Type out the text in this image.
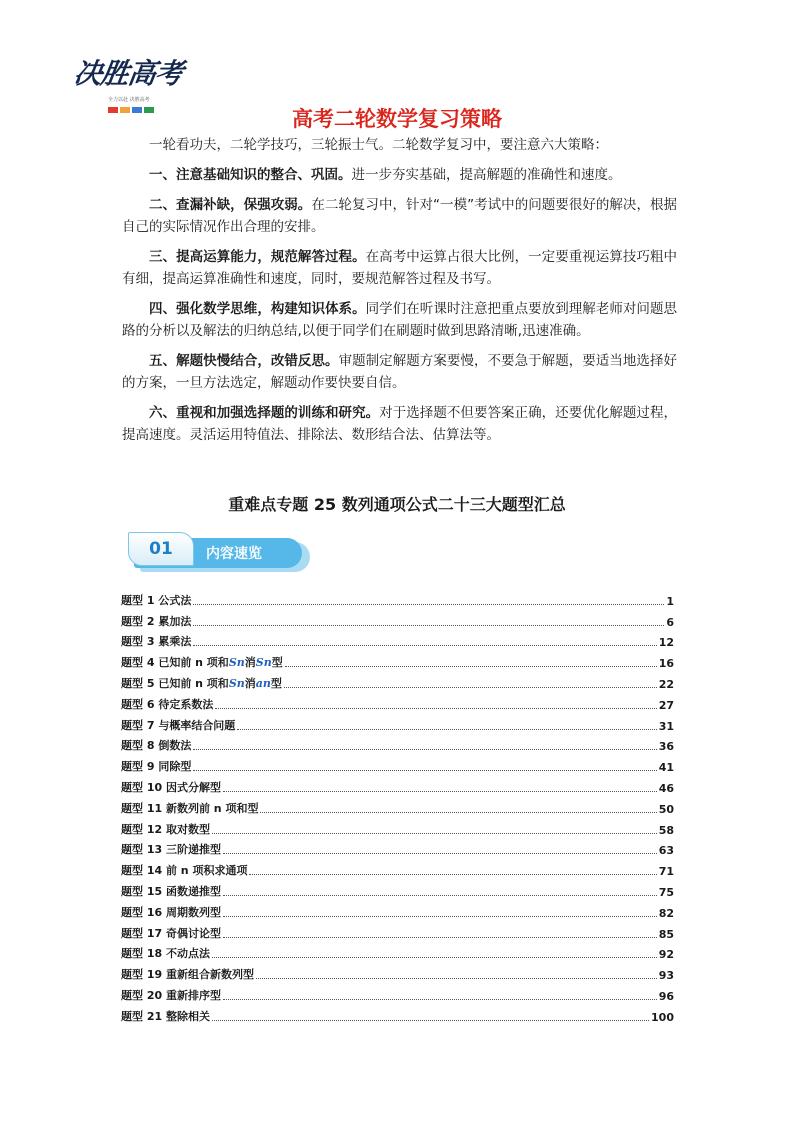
决胜高考
全力以赴 决胜高考
高考二轮数学复习策略

一轮看功夫，二轮学技巧，三轮振士气。二轮数学复习中，要注意六大策略：

一、注意基础知识的整合、巩固。进一步夯实基础，提高解题的准确性和速度。

二、查漏补缺，保强攻弱。在二轮复习中，针对“一模”考试中的问题要很好的解决，根据自己的实际情况作出合理的安排。

三、提高运算能力，规范解答过程。在高考中运算占很大比例，一定要重视运算技巧粗中有细，提高运算准确性和速度，同时，要规范解答过程及书写。

四、强化数学思维，构建知识体系。同学们在听课时注意把重点要放到理解老师对问题思路的分析以及解法的归纳总结,以便于同学们在刷题时做到思路清晰,迅速准确。

五、解题快慢结合，改错反思。审题制定解题方案要慢，不要急于解题，要适当地选择好的方案，一旦方法选定，解题动作要快要自信。

六、重视和加强选择题的训练和研究。对于选择题不但要答案正确，还要优化解题过程，提高速度。灵活运用特值法、排除法、数形结合法、估算法等。

重难点专题 25 数列通项公式二十三大题型汇总
内容速览
01
题型 1 公式法	1
题型 2 累加法	6
题型 3 累乘法	12
题型 4 已知前 n 项和Sn消Sn型	16
题型 5 已知前 n 项和Sn消an型	22
题型 6 待定系数法	27
题型 7 与概率结合问题	31
题型 8 倒数法	36
题型 9 同除型	41
题型 10 因式分解型	46
题型 11 新数列前 n 项和型	50
题型 12 取对数型	58
题型 13 三阶递推型	63
题型 14 前 n 项积求通项	71
题型 15 函数递推型	75
题型 16 周期数列型	82
题型 17 奇偶讨论型	85
题型 18 不动点法	92
题型 19 重新组合新数列型	93
题型 20 重新排序型	96
题型 21 整除相关	100
